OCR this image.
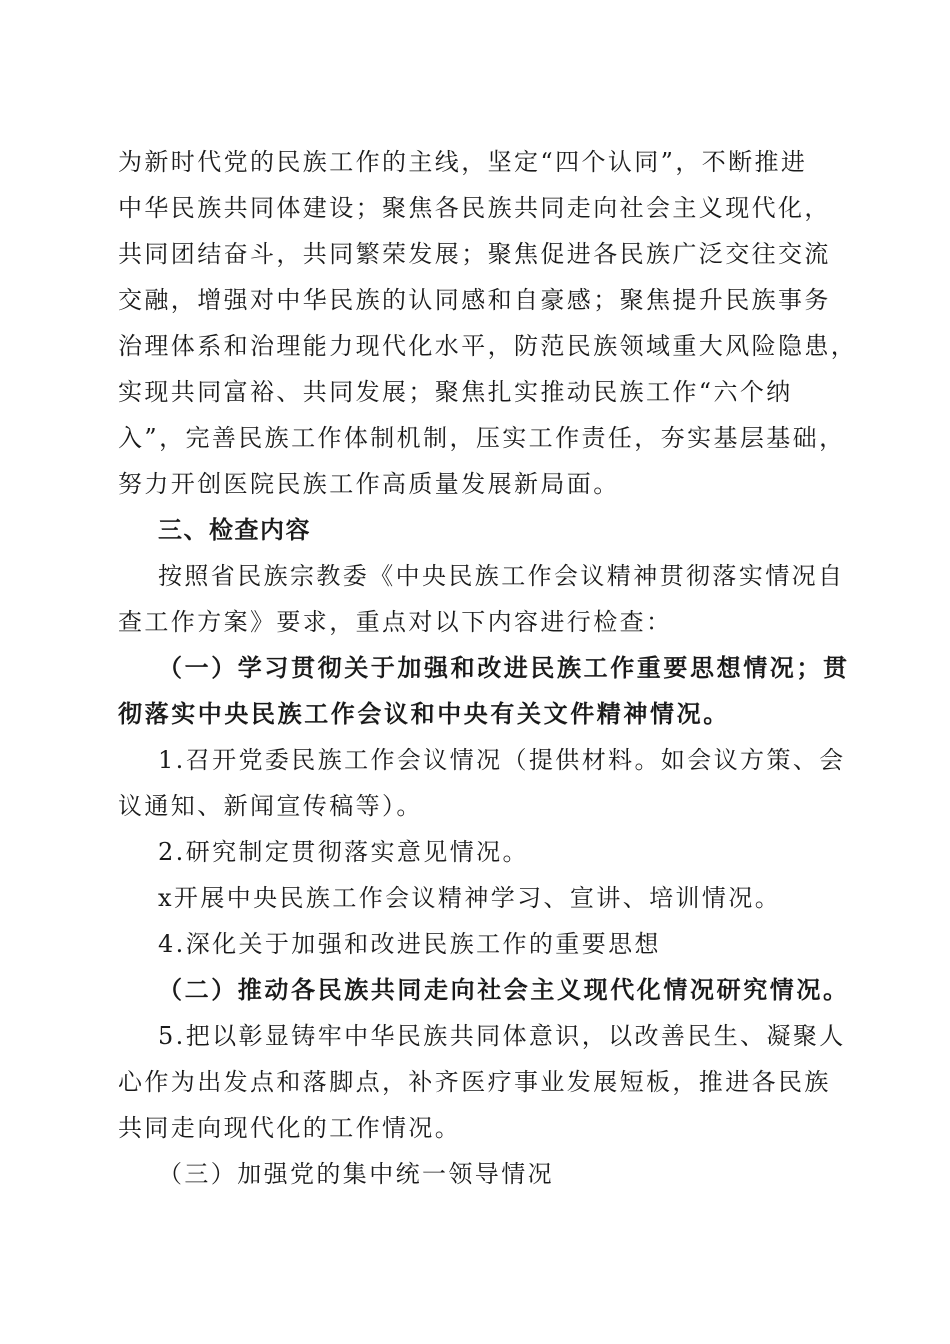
为新时代党的民族工作的主线，坚定“四个认同”，不断推进
中华民族共同体建设；聚焦各民族共同走向社会主义现代化，
共同团结奋斗，共同繁荣发展；聚焦促进各民族广泛交往交流
交融，增强对中华民族的认同感和自豪感；聚焦提升民族事务
治理体系和治理能力现代化水平，防范民族领域重大风险隐患，
实现共同富裕、共同发展；聚焦扎实推动民族工作“六个纳
入”，完善民族工作体制机制，压实工作责任，夯实基层基础，
努力开创医院民族工作高质量发展新局面。
三、检查内容
按照省民族宗教委《中央民族工作会议精神贯彻落实情况自
查工作方案》要求，重点对以下内容进行检查：
（一）学习贯彻关于加强和改进民族工作重要思想情况；贯
彻落实中央民族工作会议和中央有关文件精神情况。
1.召开党委民族工作会议情况（提供材料。如会议方策、会
议通知、新闻宣传稿等）。
2.研究制定贯彻落实意见情况。
x开展中央民族工作会议精神学习、宣讲、培训情况。
4.深化关于加强和改进民族工作的重要思想
（二）推动各民族共同走向社会主义现代化情况研究情况。
5.把以彰显铸牢中华民族共同体意识，以改善民生、凝聚人
心作为出发点和落脚点，补齐医疗事业发展短板，推进各民族
共同走向现代化的工作情况。
（三）加强党的集中统一领导情况
